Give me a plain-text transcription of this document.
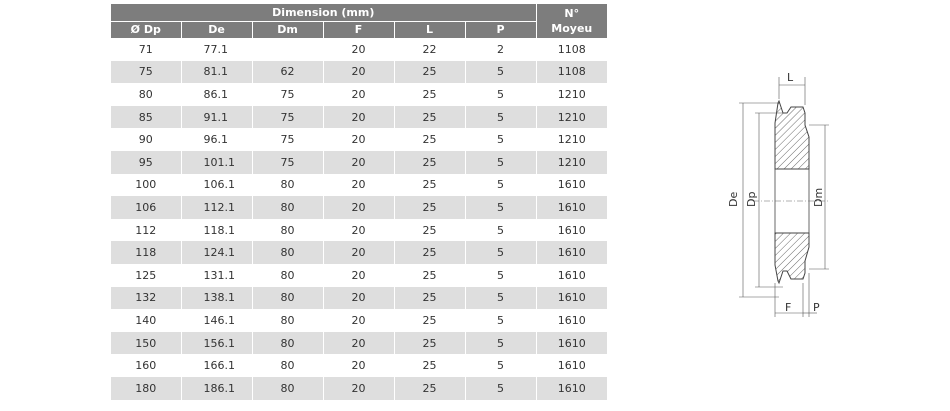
Dimension (mm)						N°
Moyeu
Ø Dp	De	Dm	F	L	P	
71	77.1		20	22	2	1108
75	81.1	62	20	25	5	1108
80	86.1	75	20	25	5	1210
85	91.1	75	20	25	5	1210
90	96.1	75	20	25	5	1210
95	101.1	75	20	25	5	1210
100	106.1	80	20	25	5	1610
106	112.1	80	20	25	5	1610
112	118.1	80	20	25	5	1610
118	124.1	80	20	25	5	1610
125	131.1	80	20	25	5	1610
132	138.1	80	20	25	5	1610
140	146.1	80	20	25	5	1610
150	156.1	80	20	25	5	1610
160	166.1	80	20	25	5	1610
180	186.1	80	20	25	5	1610
L
De Dp	Dm
F P
